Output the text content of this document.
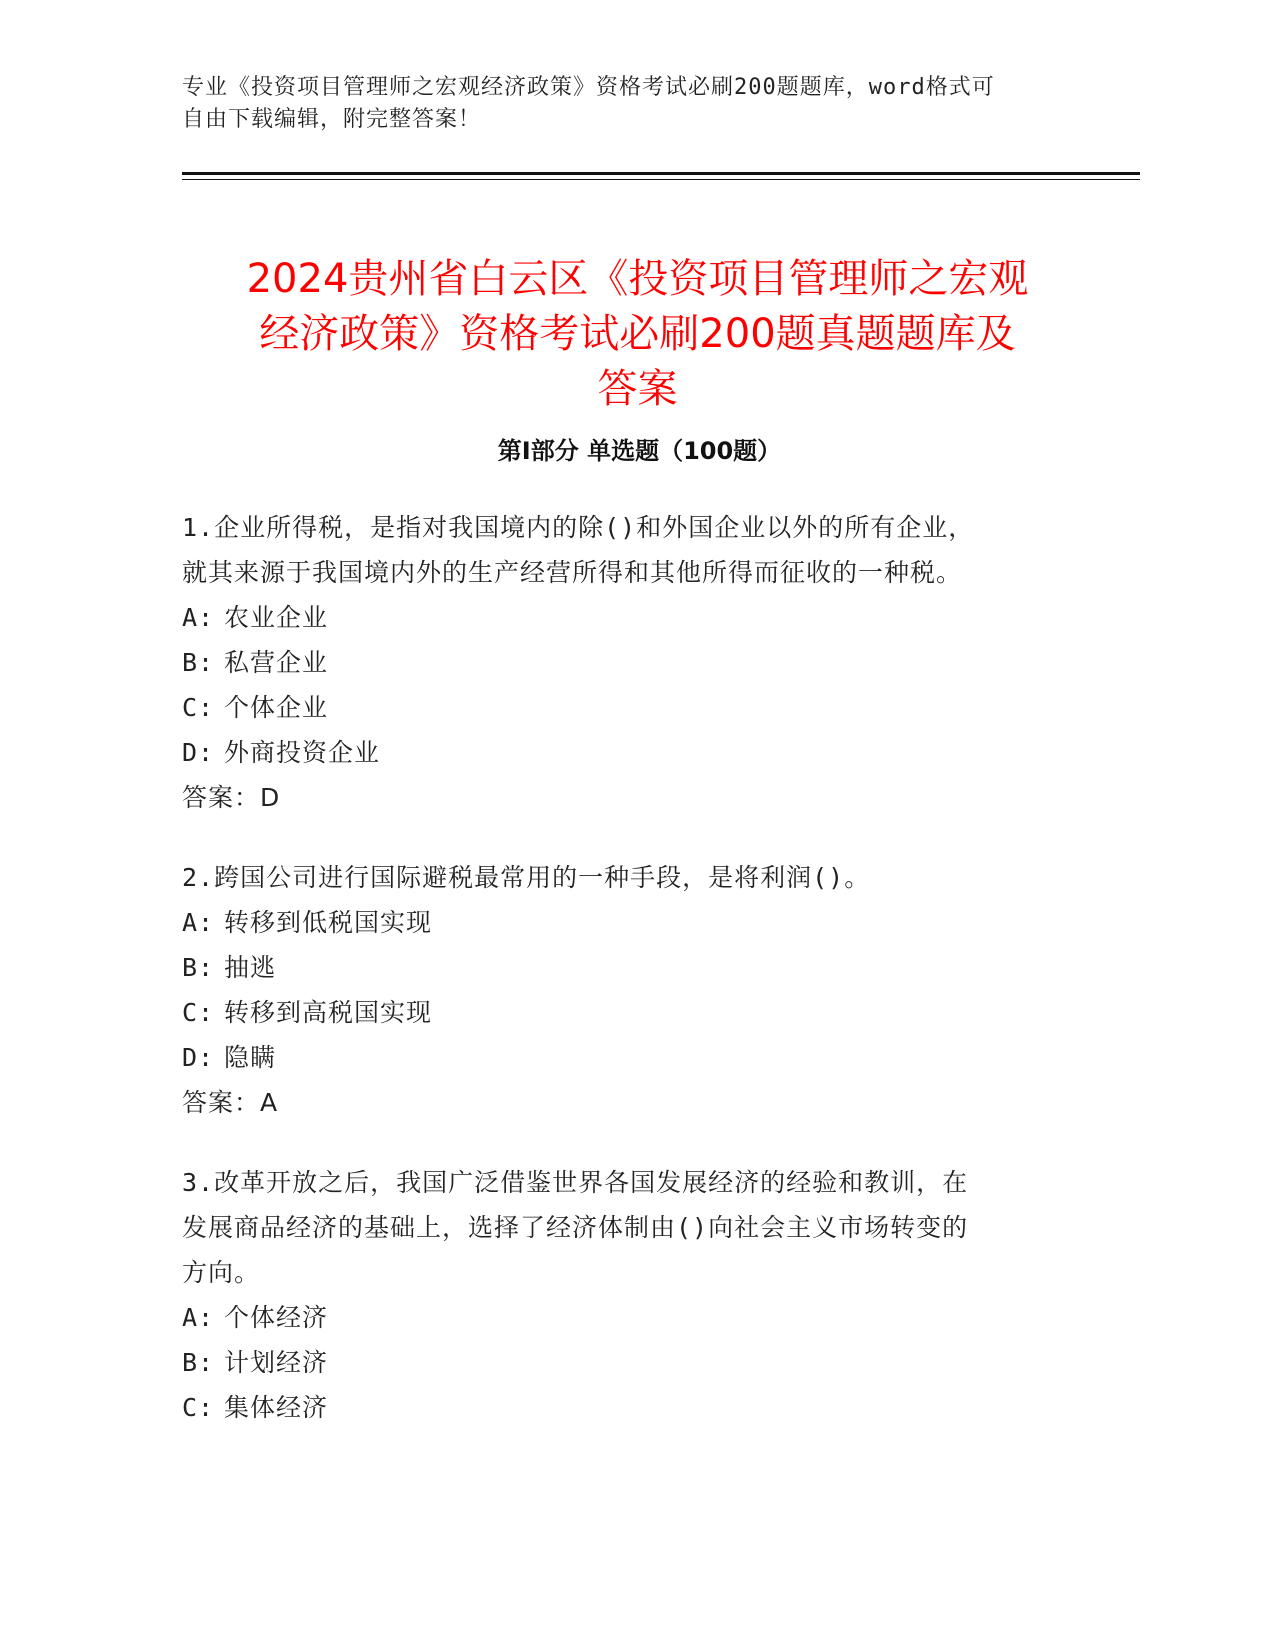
专业《投资项目管理师之宏观经济政策》资格考试必刷200题题库，word格式可
自由下载编辑，附完整答案！
2024贵州省白云区《投资项目管理师之宏观
经济政策》资格考试必刷200题真题题库及
答案
第Ⅰ部分 单选题（100题）
1.企业所得税，是指对我国境内的除()和外国企业以外的所有企业，
就其来源于我国境内外的生产经营所得和其他所得而征收的一种税。
A: 农业企业
B: 私营企业
C: 个体企业
D: 外商投资企业
答案：D
2.跨国公司进行国际避税最常用的一种手段，是将利润()。
A: 转移到低税国实现
B: 抽逃
C: 转移到高税国实现
D: 隐瞒
答案：A
3.改革开放之后，我国广泛借鉴世界各国发展经济的经验和教训，在
发展商品经济的基础上，选择了经济体制由()向社会主义市场转变的
方向。
A: 个体经济
B: 计划经济
C: 集体经济
